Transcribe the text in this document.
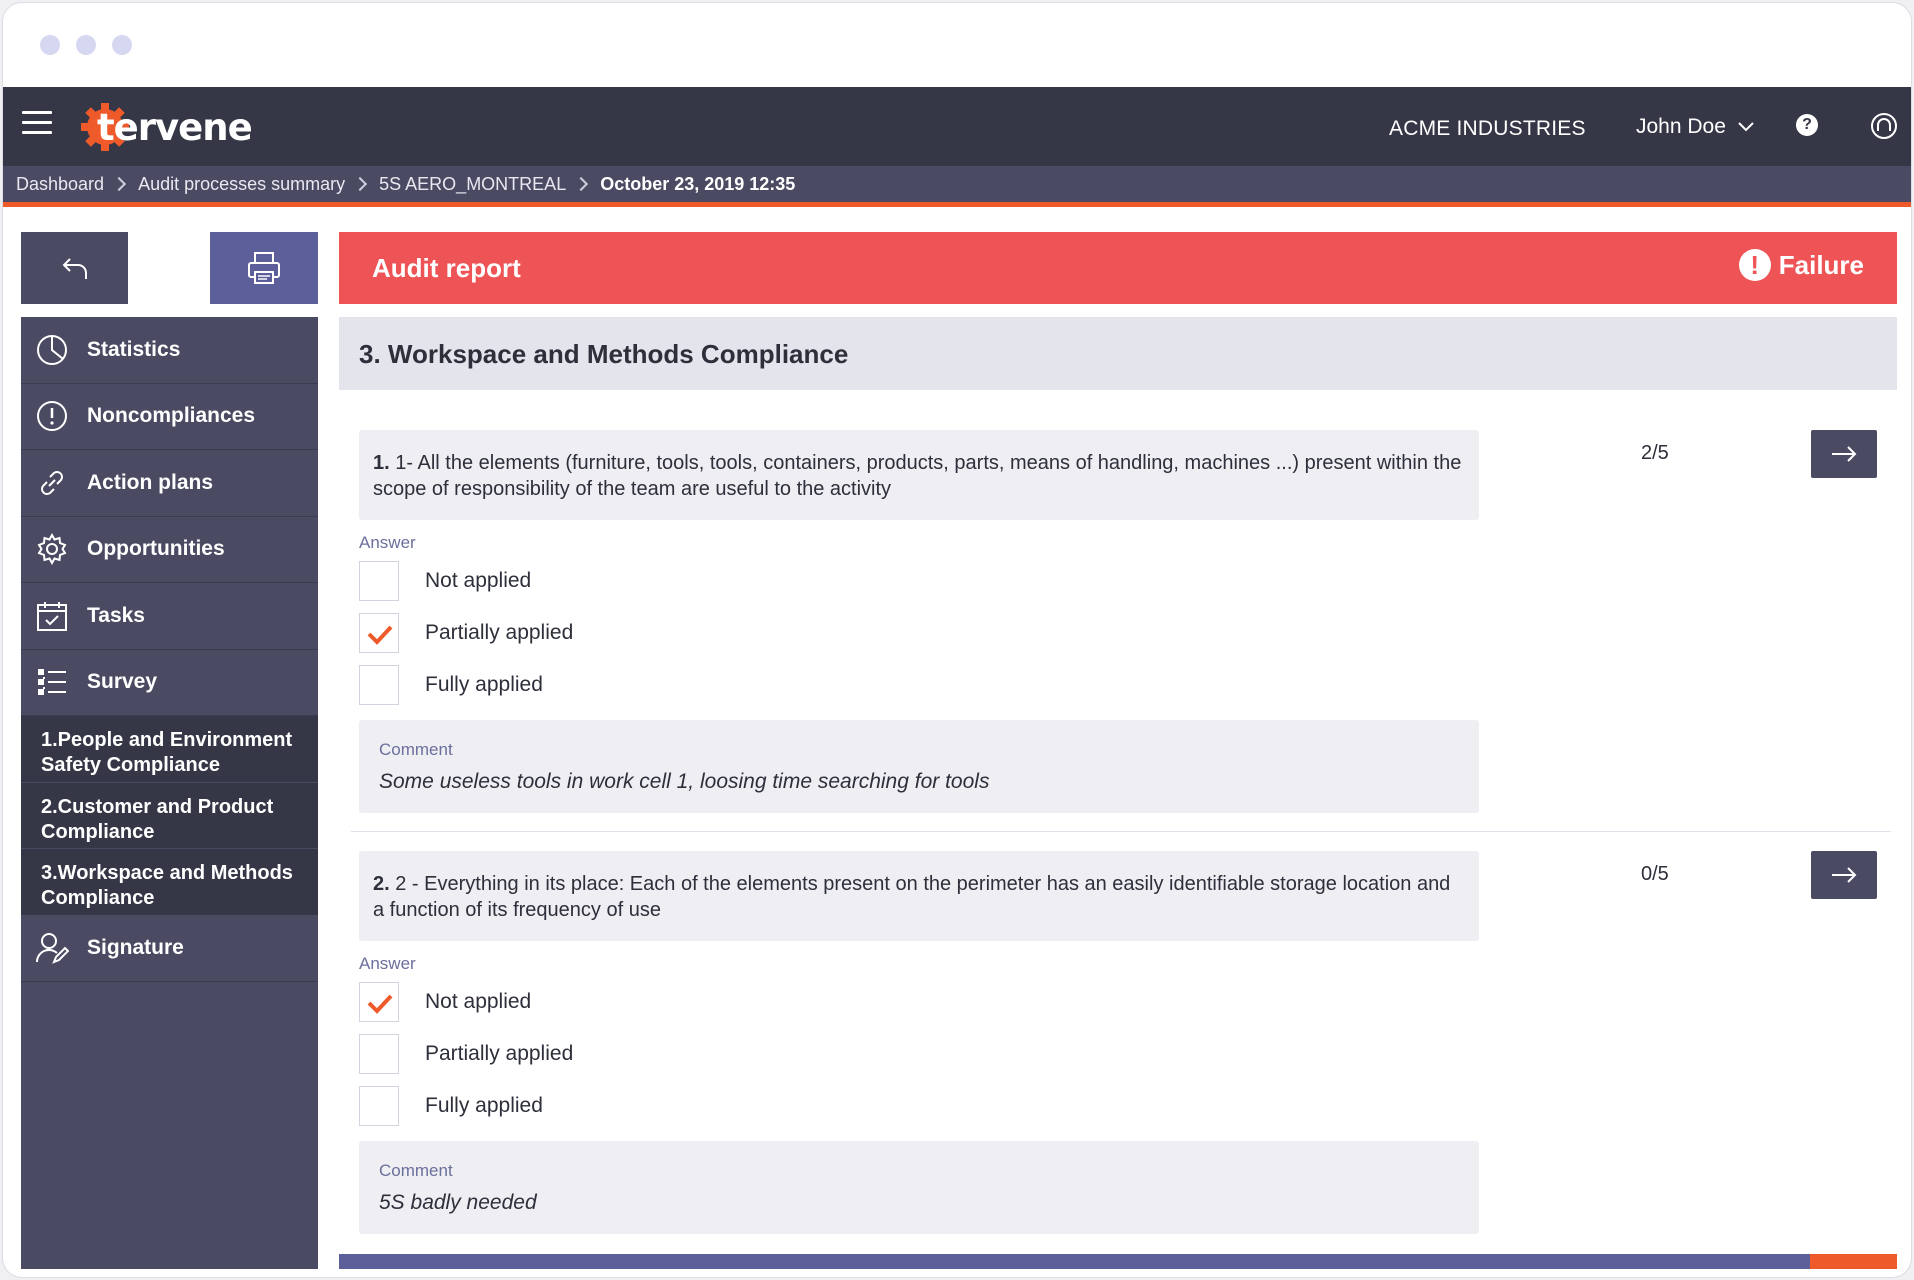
tervene	ACME INDUSTRIES John Doe	?
Dashboard Audit processes summary 5S AERO_MONTREAL October 23, 2019 12:35
Statistics
Noncompliances
Action plans
Opportunities
Tasks
Survey
1.People and Environment Safety Compliance
2.Customer and Product Compliance
3.Workspace and Methods Compliance
Signature
Audit report	! Failure
3. Workspace and Methods Compliance
1. 1- All the elements (furniture, tools, tools, containers, products, parts, means of handling, machines ...) present within the scope of responsibility of the team are useful to the activity
2/5
Answer
Not applied
Partially applied
Fully applied
Comment
Some useless tools in work cell 1, loosing time searching for tools
2. 2 - Everything in its place: Each of the elements present on the perimeter has an easily identifiable storage location and a function of its frequency of use
0/5
Answer
Not applied
Partially applied
Fully applied
Comment
5S badly needed
